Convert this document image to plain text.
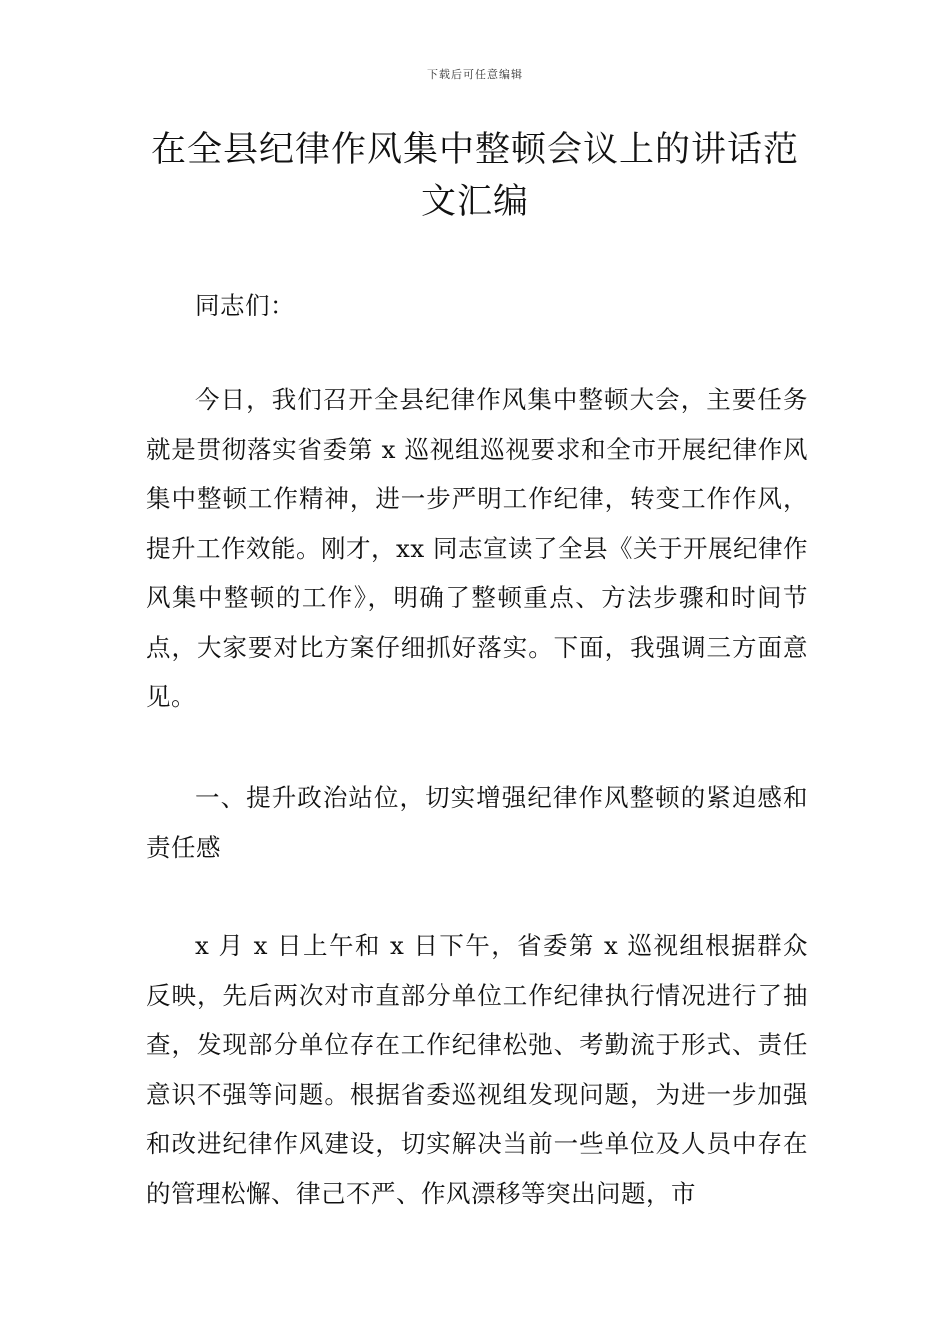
下载后可任意编辑
在全县纪律作风集中整顿会议上的讲话范文汇编

同志们：

今日，我们召开全县纪律作风集中整顿大会，主要任务就是贯彻落实省委第 x 巡视组巡视要求和全市开展纪律作风集中整顿工作精神，进一步严明工作纪律，转变工作作风，提升工作效能。刚才，xx 同志宣读了全县《关于开展纪律作风集中整顿的工作》，明确了整顿重点、方法步骤和时间节点，大家要对比方案仔细抓好落实。下面，我强调三方面意见。

一、提升政治站位，切实增强纪律作风整顿的紧迫感和责任感

x 月 x 日上午和 x 日下午，省委第 x 巡视组根据群众反映，先后两次对市直部分单位工作纪律执行情况进行了抽查，发现部分单位存在工作纪律松弛、考勤流于形式、责任意识不强等问题。根据省委巡视组发现问题，为进一步加强和改进纪律作风建设，切实解决当前一些单位及人员中存在的管理松懈、律己不严、作风漂移等突出问题，市
